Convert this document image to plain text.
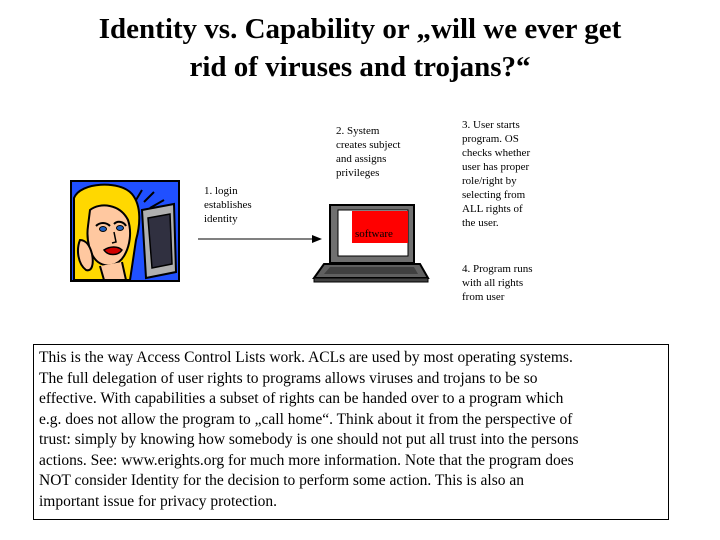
Identity vs. Capability or „will we ever get
rid of viruses and trojans?“
software
1. login
establishes
identity
2. System
creates subject
and assigns
privileges
3. User starts
program. OS
checks whether
user has proper
role/right by
selecting from
ALL rights of
the user.
4. Program runs
with all rights
from user
This is the way Access Control Lists work. ACLs are used by most operating systems.
The full delegation of user rights to programs allows viruses and trojans to be so
effective. With capabilities a subset of rights can be handed over to a program which
e.g. does not allow the program to „call home“. Think about it from the perspective of
trust: simply by knowing how somebody is one should not put all trust into the persons
actions. See: www.erights.org for much more information. Note that the program does
NOT consider Identity for the decision to perform some action. This is also an
important issue for privacy protection.
